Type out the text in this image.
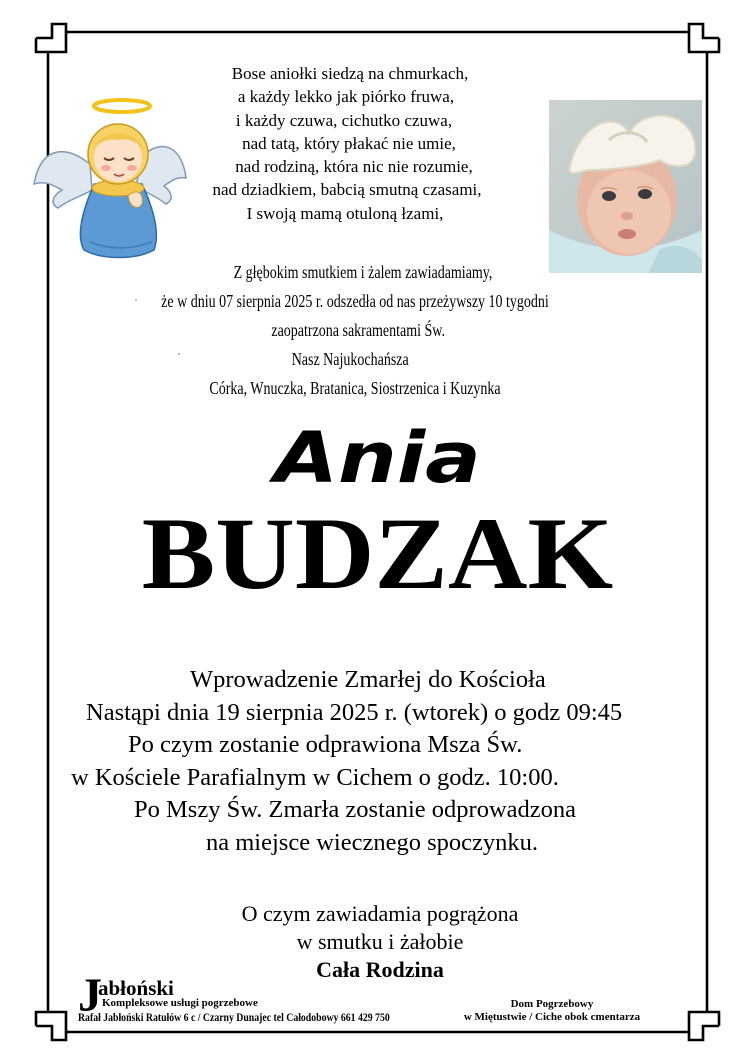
Bose aniołki siedzą na chmurkach,
a każdy lekko jak piórko fruwa,
i każdy czuwa, cichutko czuwa,
nad tatą, który płakać nie umie,
nad rodziną, która nic nie rozumie,
nad dziadkiem, babcią smutną czasami,
I swoją mamą otuloną łzami,
Z głębokim smutkiem i żalem zawiadamiamy,
że w dniu 07 sierpnia 2025 r. odszedła od nas przeżywszy 10 tygodni
zaopatrzona sakramentami Św.
Nasz Najukochańsza
Córka, Wnuczka, Bratanica, Siostrzenica i Kuzynka
Ania
BUDZAK
Wprowadzenie Zmarłej do Kościoła
Nastąpi dnia 19 sierpnia 2025 r. (wtorek) o godz 09:45
Po czym zostanie odprawiona Msza Św.
w Kościele Parafialnym w Cichem o godz. 10:00.
Po Mszy Św. Zmarła zostanie odprowadzona
na miejsce wiecznego spoczynku.
O czym zawiadamia pogrążona
w smutku i żałobie
Cała Rodzina
J
abłoński
Kompleksowe usługi pogrzebowe
Rafał Jabłoński Ratułów 6 c / Czarny Dunajec tel Całodobowy 661 429 750
Dom Pogrzebowy
w Miętustwie / Ciche obok cmentarza
